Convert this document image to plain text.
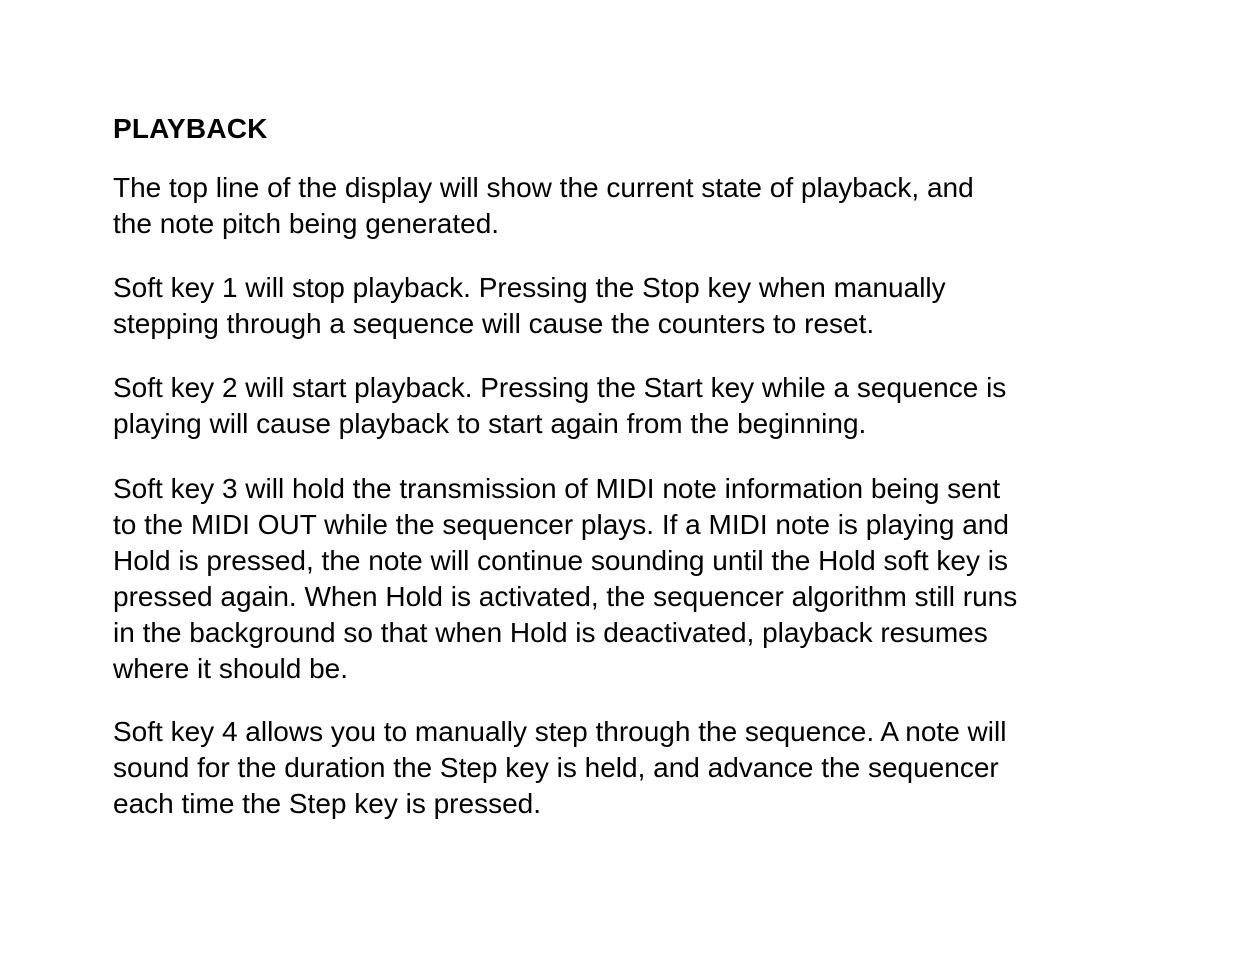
PLAYBACK

The top line of the display will show the current state of playback, and
the note pitch being generated.

Soft key 1 will stop playback. Pressing the Stop key when manually
stepping through a sequence will cause the counters to reset.

Soft key 2 will start playback. Pressing the Start key while a sequence is
playing will cause playback to start again from the beginning.

Soft key 3 will hold the transmission of MIDI note information being sent
to the MIDI OUT while the sequencer plays. If a MIDI note is playing and
Hold is pressed, the note will continue sounding until the Hold soft key is
pressed again. When Hold is activated, the sequencer algorithm still runs
in the background so that when Hold is deactivated, playback resumes
where it should be.

Soft key 4 allows you to manually step through the sequence. A note will
sound for the duration the Step key is held, and advance the sequencer
each time the Step key is pressed.
